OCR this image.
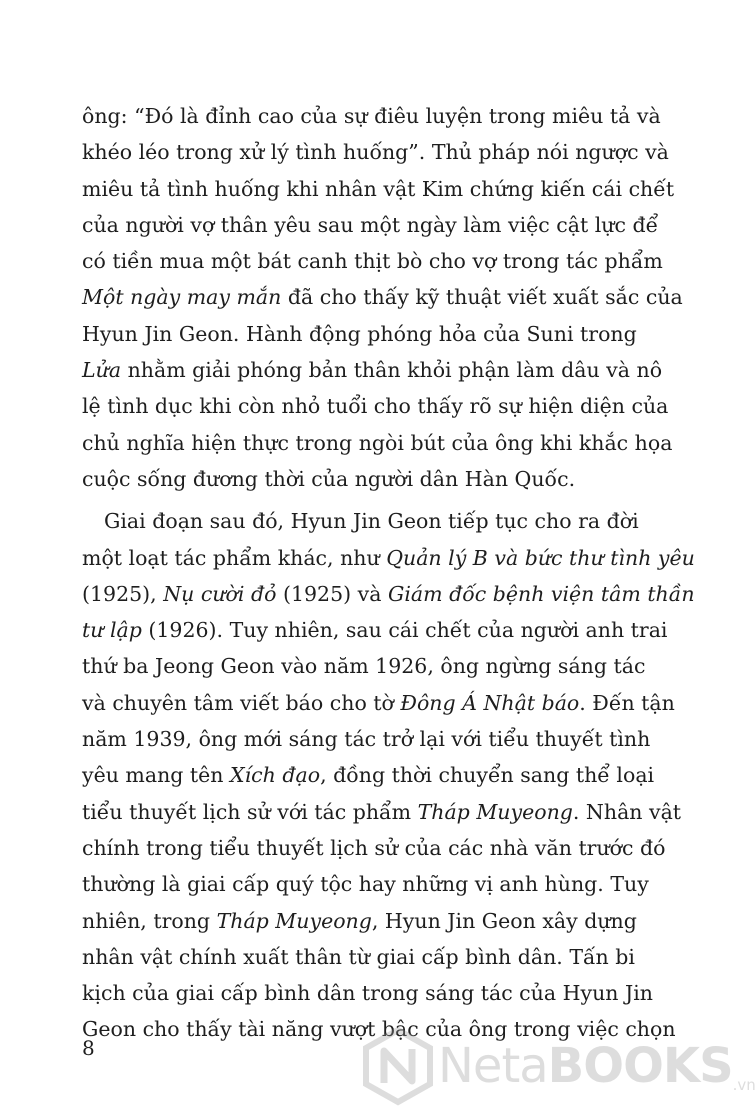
ông: “Đó là đỉnh cao của sự điêu luyện trong miêu tả và
khéo léo trong xử lý tình huống”. Thủ pháp nói ngược và
miêu tả tình huống khi nhân vật Kim chứng kiến cái chết
của người vợ thân yêu sau một ngày làm việc cật lực để
có tiền mua một bát canh thịt bò cho vợ trong tác phẩm
Một ngày may mắn đã cho thấy kỹ thuật viết xuất sắc của
Hyun Jin Geon. Hành động phóng hỏa của Suni trong
Lửa nhằm giải phóng bản thân khỏi phận làm dâu và nô
lệ tình dục khi còn nhỏ tuổi cho thấy rõ sự hiện diện của
chủ nghĩa hiện thực trong ngòi bút của ông khi khắc họa
cuộc sống đương thời của người dân Hàn Quốc.
Giai đoạn sau đó, Hyun Jin Geon tiếp tục cho ra đời
một loạt tác phẩm khác, như Quản lý B và bức thư tình yêu
(1925), Nụ cười đỏ (1925) và Giám đốc bệnh viện tâm thần
tư lập (1926). Tuy nhiên, sau cái chết của người anh trai
thứ ba Jeong Geon vào năm 1926, ông ngừng sáng tác
và chuyên tâm viết báo cho tờ Đông Á Nhật báo. Đến tận
năm 1939, ông mới sáng tác trở lại với tiểu thuyết tình
yêu mang tên Xích đạo, đồng thời chuyển sang thể loại
tiểu thuyết lịch sử với tác phẩm Tháp Muyeong. Nhân vật
chính trong tiểu thuyết lịch sử của các nhà văn trước đó
thường là giai cấp quý tộc hay những vị anh hùng. Tuy
nhiên, trong Tháp Muyeong, Hyun Jin Geon xây dựng
nhân vật chính xuất thân từ giai cấp bình dân. Tấn bi
kịch của giai cấp bình dân trong sáng tác của Hyun Jin
Geon cho thấy tài năng vượt bậc của ông trong việc chọn
8	NetaBOOKS .vn
